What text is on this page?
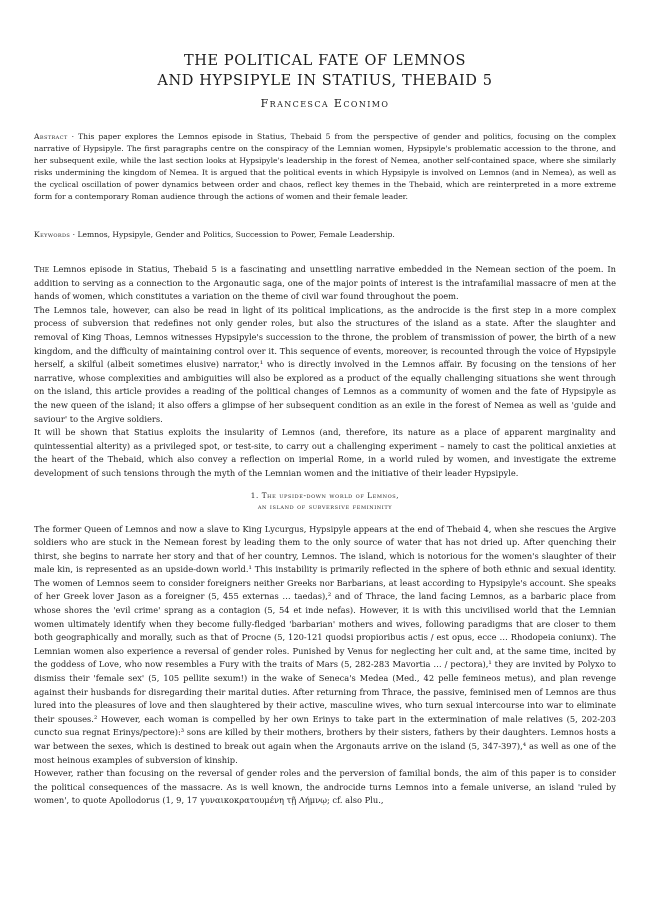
THE POLITICAL FATE OF LEMNOS
AND HYPSIPYLE IN STATIUS, THEBAID 5
Francesca Econimo

Abstract · This paper explores the Lemnos episode in Statius, Thebaid 5 from the perspective of gender and politics, focusing on the complex narrative of Hypsipyle. The first paragraphs centre on the conspiracy of the Lemnian women, Hypsipyle's problematic accession to the throne, and her subsequent exile, while the last section looks at Hypsipyle's leadership in the forest of Nemea, another self-contained space, where she similarly risks undermining the kingdom of Nemea. It is argued that the political events in which Hypsipyle is involved on Lemnos (and in Nemea), as well as the cyclical oscillation of power dynamics between order and chaos, reflect key themes in the Thebaid, which are reinterpreted in a more extreme form for a contemporary Roman audience through the actions of women and their female leader.

Keywords · Lemnos, Hypsipyle, Gender and Politics, Succession to Power, Female Leadership.

The Lemnos episode in Statius, Thebaid 5 is a fascinating and unsettling narrative embedded in the Nemean section of the poem. In addition to serving as a connection to the Argonautic saga, one of the major points of interest is the intrafamilial massacre of men at the hands of women, which constitutes a variation on the theme of civil war found throughout the poem.

The Lemnos tale, however, can also be read in light of its political implications, as the androcide is the first step in a more complex process of subversion that redefines not only gender roles, but also the structures of the island as a state. After the slaughter and removal of King Thoas, Lemnos witnesses Hypsipyle's succession to the throne, the problem of transmission of power, the birth of a new kingdom, and the difficulty of maintaining control over it. This sequence of events, moreover, is recounted through the voice of Hypsipyle herself, a skilful (albeit sometimes elusive) narrator,¹ who is directly involved in the Lemnos affair. By focusing on the tensions of her narrative, whose complexities and ambiguities will also be explored as a product of the equally challenging situations she went through on the island, this article provides a reading of the political changes of Lemnos as a community of women and the fate of Hypsipyle as the new queen of the island; it also offers a glimpse of her subsequent condition as an exile in the forest of Nemea as well as 'guide and saviour' to the Argive soldiers.

It will be shown that Statius exploits the insularity of Lemnos (and, therefore, its nature as a place of apparent marginality and quintessential alterity) as a privileged spot, or test-site, to carry out a challenging experiment – namely to cast the political anxieties at the heart of the Thebaid, which also convey a reflection on imperial Rome, in a world ruled by women, and investigate the extreme development of such tensions through the myth of the Lemnian women and the initiative of their leader Hypsipyle.

1. The upside-down world of Lemnos,
an island of subversive femininity

The former Queen of Lemnos and now a slave to King Lycurgus, Hypsipyle appears at the end of Thebaid 4, when she rescues the Argive soldiers who are stuck in the Nemean forest by leading them to the only source of water that has not dried up. After quenching their thirst, she begins to narrate her story and that of her country, Lemnos. The island, which is notorious for the women's slaughter of their male kin, is represented as an upside-down world.¹ This instability is primarily reflected in the sphere of both ethnic and sexual identity. The women of Lemnos seem to consider foreigners neither Greeks nor Barbarians, at least according to Hypsipyle's account. She speaks of her Greek lover Jason as a foreigner (5, 455 externas … taedas),² and of Thrace, the land facing Lemnos, as a barbaric place from whose shores the 'evil crime' sprang as a contagion (5, 54 et inde nefas). However, it is with this uncivilised world that the Lemnian women ultimately identify when they become fully-fledged 'barbarian' mothers and wives, following paradigms that are closer to them both geographically and morally, such as that of Procne (5, 120-121 quodsi propioribus actis / est opus, ecce … Rhodopeia coniunx). The Lemnian women also experience a reversal of gender roles. Punished by Venus for neglecting her cult and, at the same time, incited by the goddess of Love, who now resembles a Fury with the traits of Mars (5, 282-283 Mavortia … / pectora),¹ they are invited by Polyxo to dismiss their 'female sex' (5, 105 pellite sexum!) in the wake of Seneca's Medea (Med., 42 pelle femineos metus), and plan revenge against their husbands for disregarding their marital duties. After returning from Thrace, the passive, feminised men of Lemnos are thus lured into the pleasures of love and then slaughtered by their active, masculine wives, who turn sexual intercourse into war to eliminate their spouses.² However, each woman is compelled by her own Erinys to take part in the extermination of male relatives (5, 202-203 cuncto sua regnat Erinys/pectore):³ sons are killed by their mothers, brothers by their sisters, fathers by their daughters. Lemnos hosts a war between the sexes, which is destined to break out again when the Argonauts arrive on the island (5, 347-397),⁴ as well as one of the most heinous examples of subversion of kinship.

However, rather than focusing on the reversal of gender roles and the perversion of familial bonds, the aim of this paper is to consider the political consequences of the massacre. As is well known, the androcide turns Lemnos into a female universe, an island 'ruled by women', to quote Apollodorus (1, 9, 17 γυναικοκρατουμένη τῇ Λήμνῳ; cf. also Plu.,
